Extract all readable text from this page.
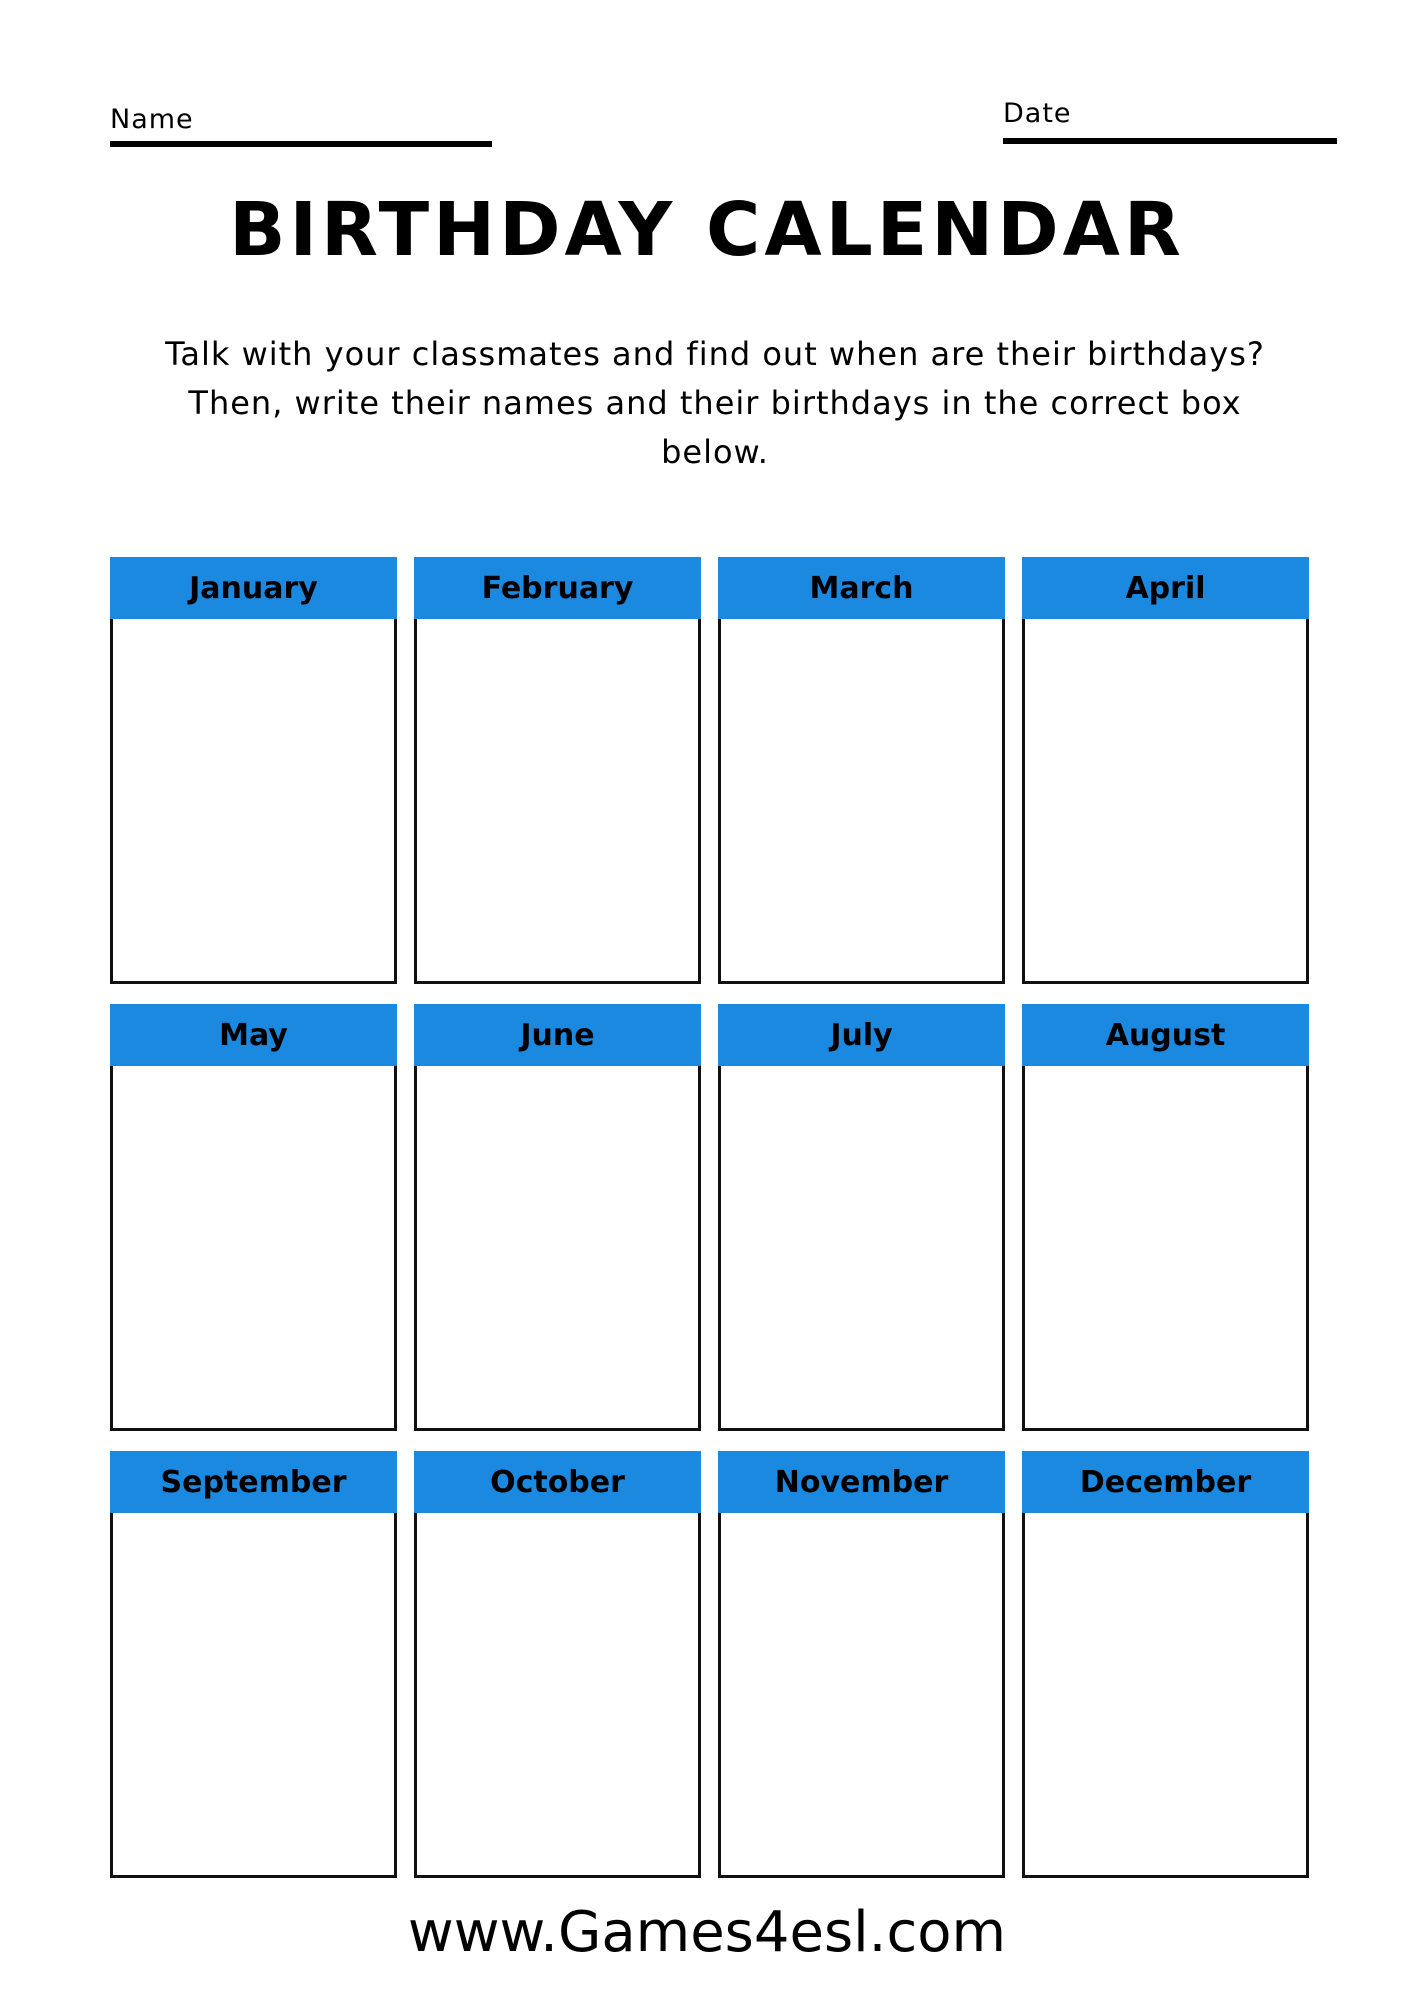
Name	Date
BIRTHDAY CALENDAR

Talk with your classmates and find out when are their birthdays? Then, write their names and their birthdays in the correct box below.

January	February	March	April
May	June	July	August
September	October	November	December
www.Games4esl.com
